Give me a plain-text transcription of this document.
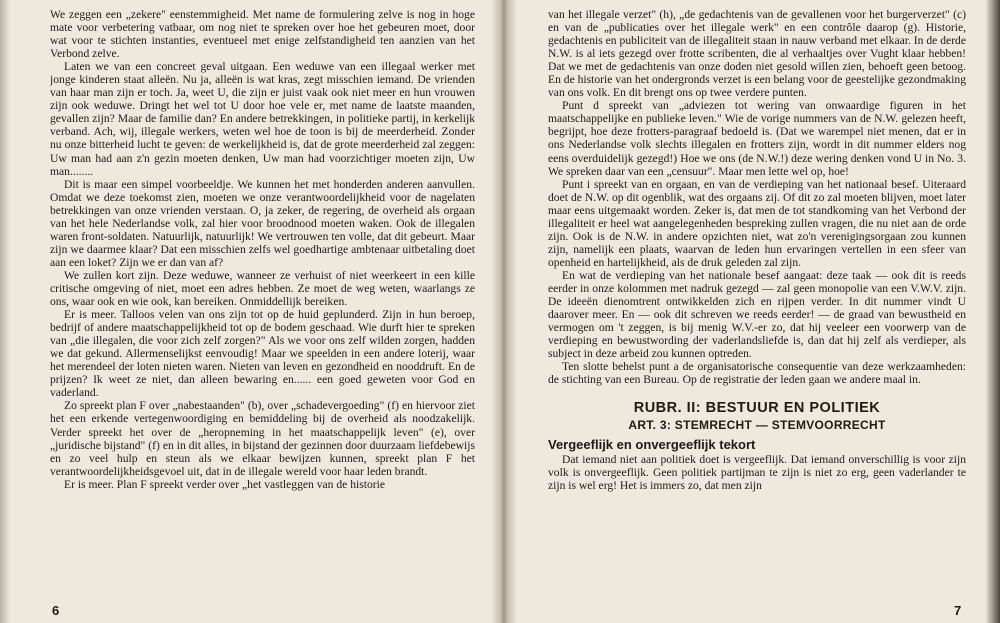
We zeggen een „zekere" eenstemmigheid. Met name de formulering zelve is nog in hoge mate voor verbetering vatbaar, om nog niet te spreken over hoe het gebeuren moet, door wat voor te stichten instanties, eventueel met enige zelfstandigheid ten aanzien van het Verbond zelve.

Laten we van een concreet geval uitgaan. Een weduwe van een illegaal werker met jonge kinderen staat alleën. Nu ja, alleën is wat kras, zegt misschien iemand. De vrienden van haar man zijn er toch. Ja, weet U, die zijn er juist vaak ook niet meer en hun vrouwen zijn ook weduwe. Dringt het wel tot U door hoe vele er, met name de laatste maanden, gevallen zijn? Maar de familie dan? En andere betrekkingen, in politieke partij, in kerkelijk verband. Ach, wij, illegale werkers, weten wel hoe de toon is bij de meerderheid. Zonder nu onze bitterheid lucht te geven: de werkelijkheid is, dat de grote meerderheid zal zeggen: Uw man had aan z'n gezin moeten denken, Uw man had voorzichtiger moeten zijn, Uw man........

Dit is maar een simpel voorbeeldje. We kunnen het met honderden anderen aanvullen. Omdat we deze toekomst zien, moeten we onze verantwoordelijkheid voor de nagelaten betrekkingen van onze vrienden verstaan. O, ja zeker, de regering, de overheid als orgaan van het hele Nederlandse volk, zal hier voor broodnood moeten waken. Ook de illegalen waren front-soldaten. Natuurlijk, natuurlijk! We vertrouwen ten volle, dat dit gebeurt. Maar zijn we daarmee klaar? Dat een misschien zelfs wel goedhartige ambtenaar uitbetaling doet aan een loket? Zijn we er dan van af?

We zullen kort zijn. Deze weduwe, wanneer ze verhuist of niet weerkeert in een kille critische omgeving of niet, moet een adres hebben. Ze moet de weg weten, waarlangs ze ons, waar ook en wie ook, kan bereiken. Onmiddellijk bereiken.

Er is meer. Talloos velen van ons zijn tot op de huid geplunderd. Zijn in hun beroep, bedrijf of andere maatschappelijkheid tot op de bodem geschaad. Wie durft hier te spreken van „die illegalen, die voor zich zelf zorgen?" Als we voor ons zelf wilden zorgen, hadden we dat gekund. Allermenselijkst eenvoudig! Maar we speelden in een andere loterij, waar het merendeel der loten nieten waren. Nieten van leven en gezondheid en nooddruft. En de prijzen? Ik weet ze niet, dan alleen bewaring en...... een goed geweten voor God en vaderland.

Zo spreekt plan F over „nabestaanden" (b), over „schadevergoeding" (f) en hiervoor ziet het een erkende vertegenwoordiging en bemiddeling bij de overheid als noodzakelijk. Verder spreekt het over de „heropneming in het maatschappelijk leven" (e), over „juridische bijstand" (f) en in dit alles, in bijstand der gezinnen door duurzaam liefdebewijs en zo veel hulp en steun als we elkaar bewijzen kunnen, spreekt plan F het verantwoordelijkheidsgevoel uit, dat in de illegale wereld voor haar leden brandt.

Er is meer. Plan F spreekt verder over „het vastleggen van de historie

6

van het illegale verzet" (h), „de gedachtenis van de gevallenen voor het burgerverzet" (c) en van de „publicaties over het illegale werk" en een contrôle daarop (g). Historie, gedachtenis en publiciteit van de illegaliteit staan in nauw verband met elkaar. In de derde N.W. is al iets gezegd over frotte scribenten, die al verhaaltjes over Vught klaar hebben! Dat we met de gedachtenis van onze doden niet gesold willen zien, behoeft geen betoog. En de historie van het ondergronds verzet is een belang voor de geestelijke gezondmaking van ons volk. En dit brengt ons op twee verdere punten.

Punt d spreekt van „adviezen tot wering van onwaardige figuren in het maatschappelijke en publieke leven." Wie de vorige nummers van de N.W. gelezen heeft, begrijpt, hoe deze frotters-paragraaf bedoeld is. (Dat we warempel niet menen, dat er in ons Nederlandse volk slechts illegalen en frotters zijn, wordt in dit nummer elders nog eens overduidelijk gezegd!) Hoe we ons (de N.W.!) deze wering denken vond U in No. 3. We spreken daar van een „censuur". Maar men lette wel op, hoe!

Punt i spreekt van en orgaan, en van de verdieping van het nationaal besef. Uiteraard doet de N.W. op dit ogenblik, wat des orgaans zij. Of dit zo zal moeten blijven, moet later maar eens uitgemaakt worden. Zeker is, dat men de tot standkoming van het Verbond der illegaliteit er heel wat aangelegenheden bespreking zullen vragen, die nu niet aan de orde zijn. Ook is de N.W. in andere opzichten niet, wat zo'n verenigingsorgaan zou kunnen zijn, namelijk een plaats, waarvan de leden hun ervaringen vertellen in een sfeer van openheid en hartelijkheid, als de druk geleden zal zijn.

En wat de verdieping van het nationale besef aangaat: deze taak — ook dit is reeds eerder in onze kolommen met nadruk gezegd — zal geen monopolie van een V.W.V. zijn. De ideeën dienomtrent ontwikkelden zich en rijpen verder. In dit nummer vindt U daarover meer. En — ook dit schreven we reeds eerder! — de graad van bewustheid en vermogen om 't zeggen, is bij menig W.V.-er zo, dat hij veeleer een voorwerp van de verdieping en bewustwording der vaderlandsliefde is, dan dat hij zelf als verdieper, als subject in deze arbeid zou kunnen optreden.

Ten slotte behelst punt a de organisatorische consequentie van deze werkzaamheden: de stichting van een Bureau. Op de registratie der leden gaan we andere maal in.

RUBR. II: BESTUUR EN POLITIEK
ART. 3: STEMRECHT — STEMVOORRECHT
Vergeeflijk en onvergeeflijk tekort

Dat iemand niet aan politiek doet is vergeeflijk. Dat iemand onverschillig is voor zijn volk is onvergeeflijk. Geen politiek partijman te zijn is niet zo erg, geen vaderlander te zijn is wel erg! Het is immers zo, dat men zijn

7
